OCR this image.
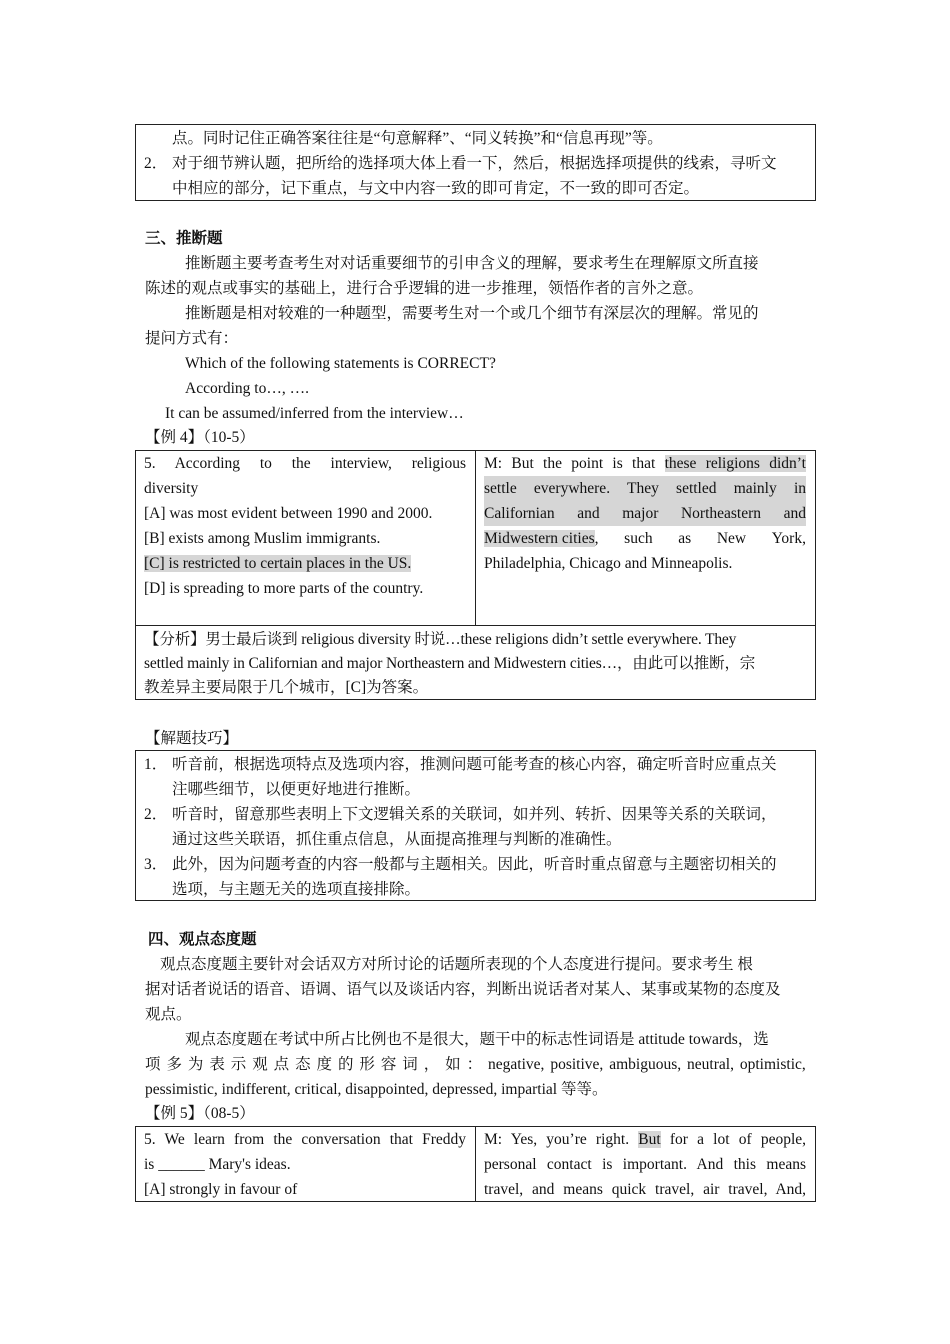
点。同时记住正确答案往往是“句意解释”、“同义转换”和“信息再现”等。
2． 对于细节辨认题，把所给的选择项大体上看一下，然后，根据选择项提供的线索，寻听文
中相应的部分，记下重点，与文中内容一致的即可肯定，不一致的即可否定。
三、推断题
推断题主要考查考生对对话重要细节的引申含义的理解，要求考生在理解原文所直接
陈述的观点或事实的基础上，进行合乎逻辑的进一步推理，领悟作者的言外之意。
推断题是相对较难的一种题型，需要考生对一个或几个细节有深层次的理解。常见的
提问方式有：
Which of the following statements is CORRECT?
According to…, ….
It can be assumed/inferred from the interview…
【例 4】（10-5）
5. According to the interview, religious
diversity
[A] was most evident between 1990 and 2000.
[B] exists among Muslim immigrants.
[C] is restricted to certain places in the US.
[D] is spreading to more parts of the country.
M: But the point is that these religions didn’t
settle everywhere. They settled mainly in
Californian and major Northeastern and
Midwestern cities, such as New York,
Philadelphia, Chicago and Minneapolis.
【分析】男士最后谈到 religious diversity 时说…these religions didn’t settle everywhere. They
settled mainly in Californian and major Northeastern and Midwestern cities…，由此可以推断，宗
教差异主要局限于几个城市，[C]为答案。
【解题技巧】
1． 听音前，根据选项特点及选项内容，推测问题可能考查的核心内容，确定听音时应重点关
注哪些细节，以便更好地进行推断。
2． 听音时，留意那些表明上下文逻辑关系的关联词，如并列、转折、因果等关系的关联词，
通过这些关联语，抓住重点信息，从面提高推理与判断的准确性。
3． 此外，因为问题考查的内容一般都与主题相关。因此，听音时重点留意与主题密切相关的
选项，与主题无关的选项直接排除。
四、观点态度题
观点态度题主要针对会话双方对所讨论的话题所表现的个人态度进行提问。要求考生 根
据对话者说话的语音、语调、语气以及谈话内容，判断出说话者对某人、某事或某物的态度及
观点。
观点态度题在考试中所占比例也不是很大，题干中的标志性词语是 attitude towards，选
项 多 为 表 示 观 点 态 度 的 形 容 词 ， 如 ： negative, positive, ambiguous, neutral, optimistic,
pessimistic, indifferent, critical, disappointed, depressed, impartial 等等。
【例 5】（08-5）
5. We learn from the conversation that Freddy
is ______ Mary's ideas.
[A] strongly in favour of
M: Yes, you’re right. But for a lot of people,
personal contact is important. And this means
travel, and means quick travel, air travel, And,
